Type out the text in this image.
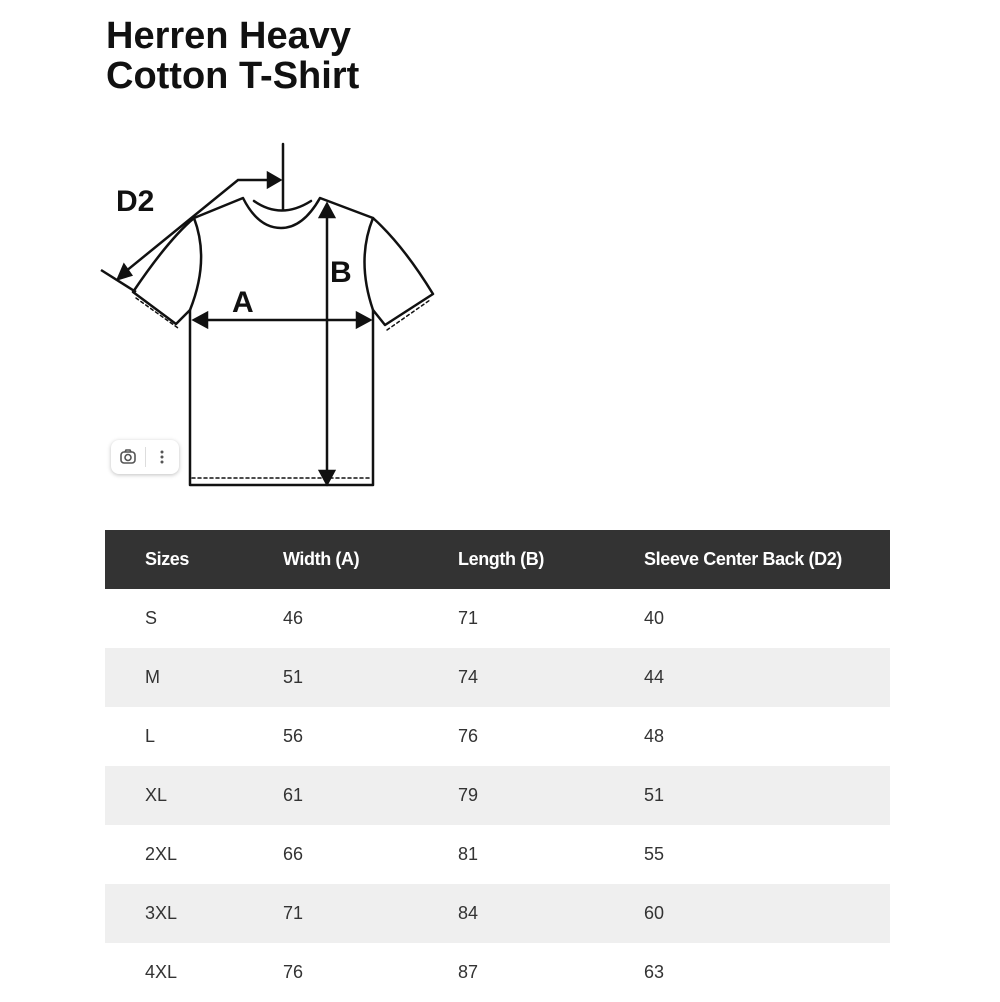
Herren Heavy
Cotton T-Shirt
D2
A
B
Sizes	Width (A)	Length (B)	Sleeve Center Back (D2)
S	46	71	40
M	51	74	44
L	56	76	48
XL	61	79	51
2XL	66	81	55
3XL	71	84	60
4XL	76	87	63
